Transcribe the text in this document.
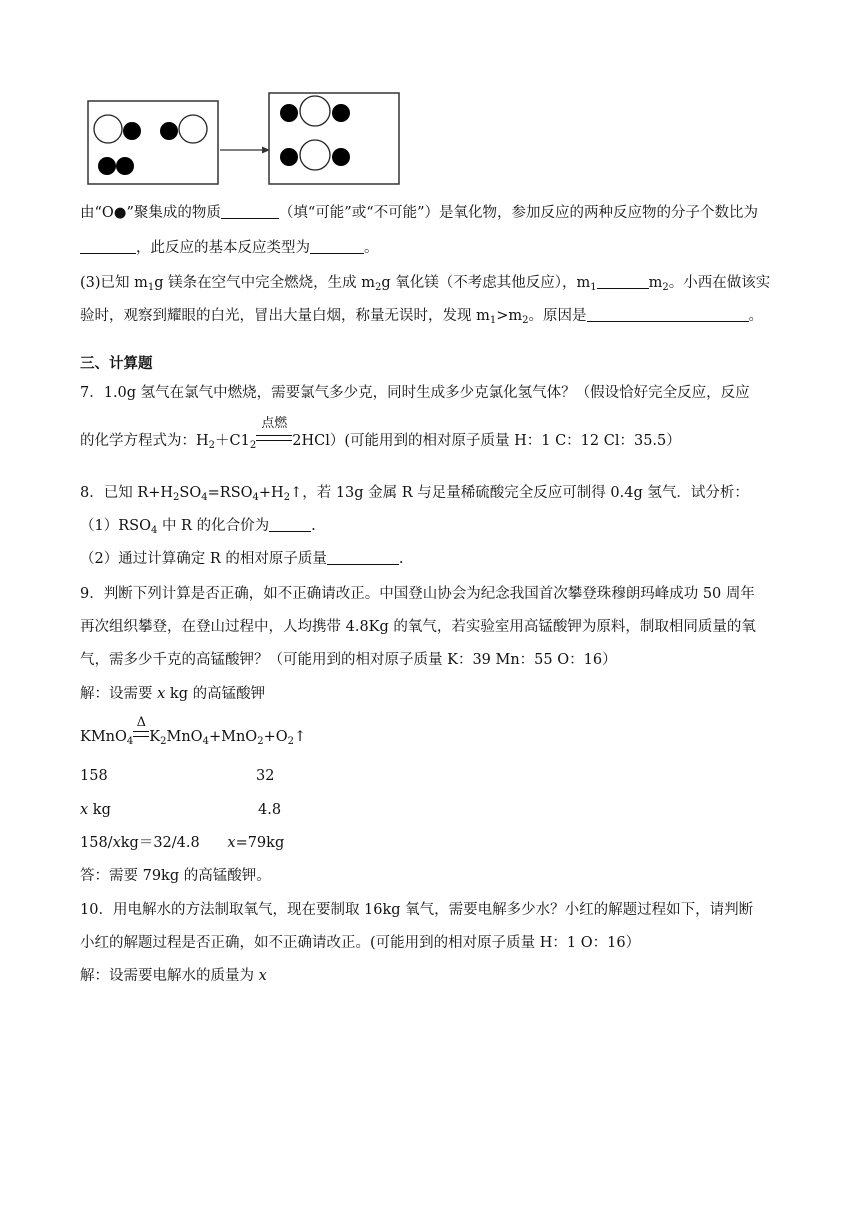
由“O●”聚集成的物质	（填“可能”或“不可能”）是氧化物，参加反应的两种反应物的分子个数比为
，此反应的基本反应类型为	。
(3)已知 $m_1g$ 镁条在空气中完全燃烧，生成 $m_2g$ 氧化镁（不考虑其他反应），$m_1$	$m_2$。小西在做该实
验时，观察到耀眼的白光，冒出大量白烟，称量无误时，发现 $m_1>m_2$。原因是	。
三、计算题
7．1.0g 氢气在氯气中燃烧，需要氯气多少克，同时生成多少克氯化氢气体？（假设恰好完全反应，反应
的化学方程式为：$H_2+C1_2$
点燃
2HCl）(可能用到的相对原子质量 H：1 C：12 Cl：35.5）
8．已知 $R+H_2SO_4=RSO_4+H_2↑$，若 13g 金属 R 与足量稀硫酸完全反应可制得 0.4g 氢气．试分析：
$(1)RSO_4$ 中 R 的化合价为	.
（2）通过计算确定 R 的相对原子质量	.
9．判断下列计算是否正确，如不正确请改正。中国登山协会为纪念我国首次攀登珠穆朗玛峰成功 50 周年
再次组织攀登，在登山过程中，人均携带 4.8Kg 的氧气，若实验室用高锰酸钾为原料，制取相同质量的氧
气，需多少千克的高锰酸钾？（可能用到的相对原子质量 K：39 Mn：55 O：16）
解：设需要 x kg 的高锰酸钾
KMnO$_4$
Δ
$K_2MnO_4+MnO_2+O_2↑$
158	32
x kg	4.8
158/xkg＝32/4.8      x=79kg
答：需要 79kg 的高锰酸钾。
10．用电解水的方法制取氧气，现在要制取 16kg 氧气，需要电解多少水？小红的解题过程如下，请判断
小红的解题过程是否正确，如不正确请改正。(可能用到的相对原子质量 H：1 O：16）
解：设需要电解水的质量为 x
